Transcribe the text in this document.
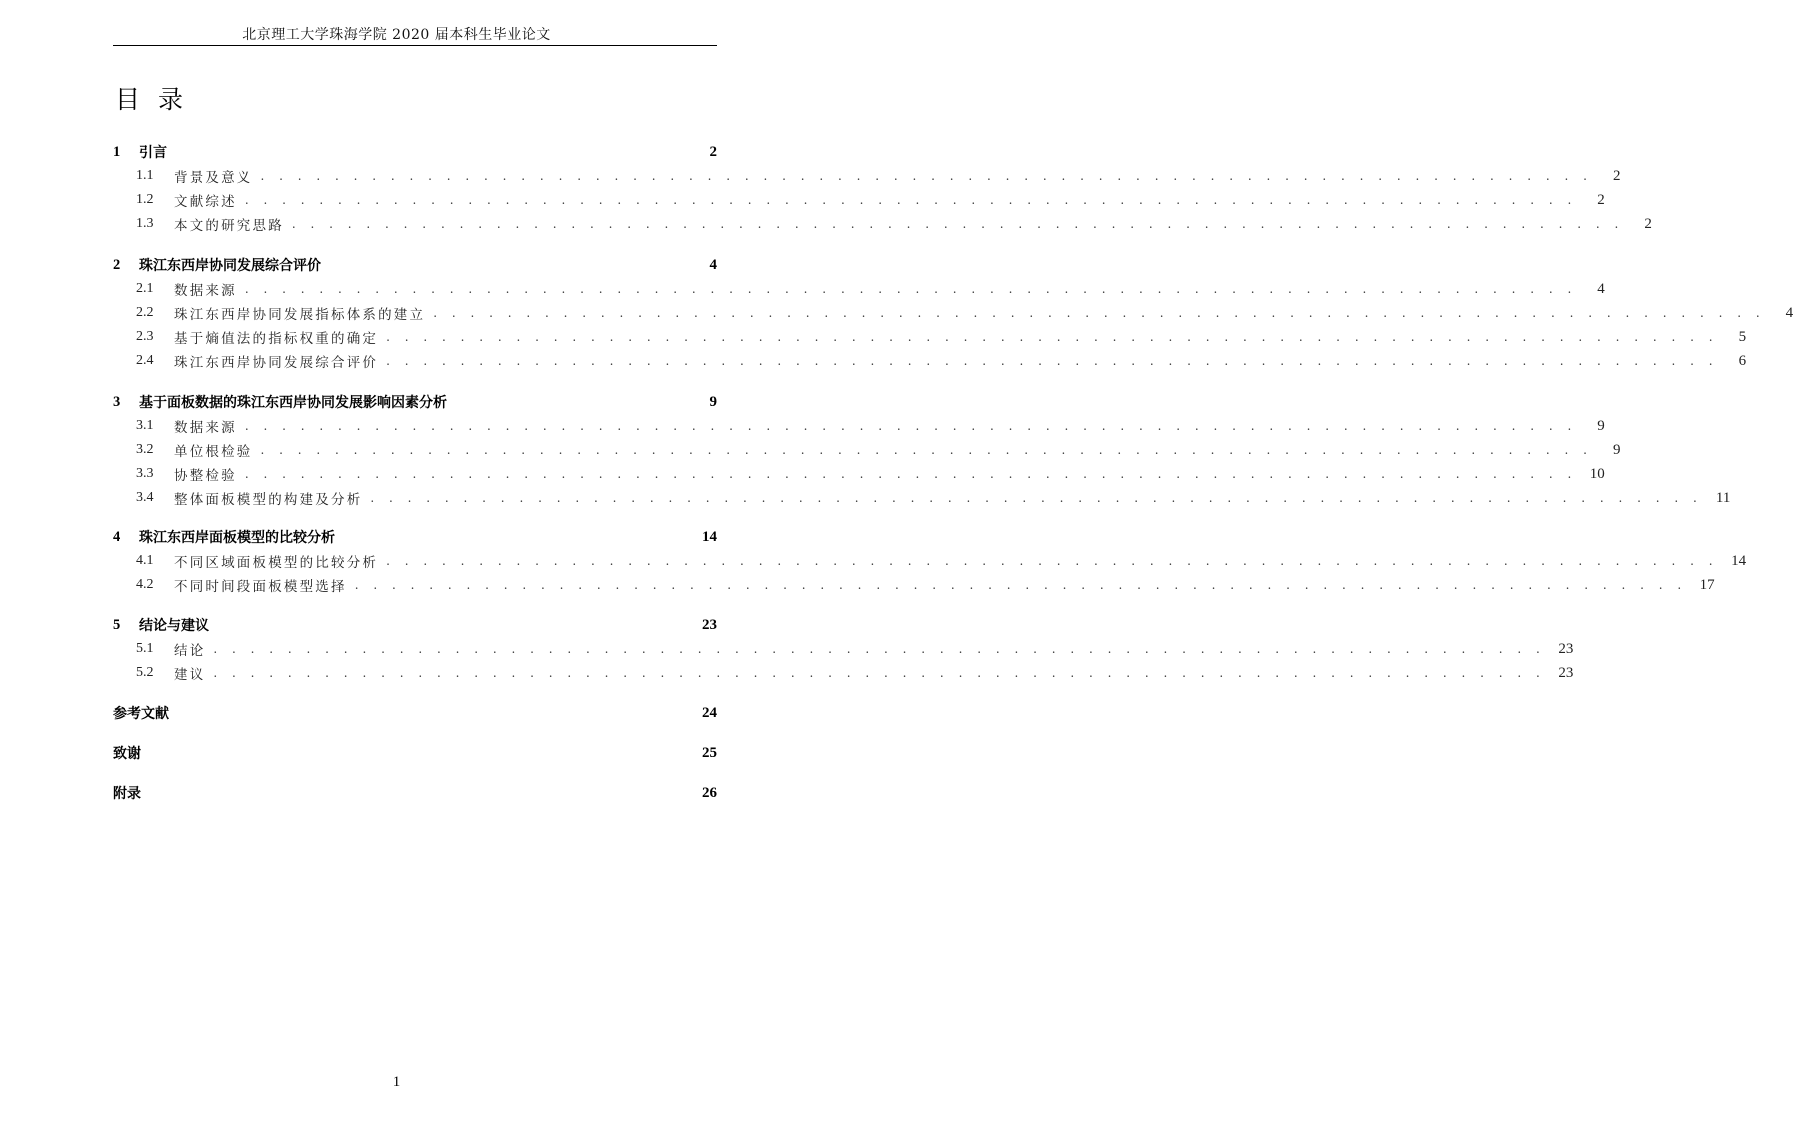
北京理工大学珠海学院 2020 届本科生毕业论文
目录
1	引言	2
1.1	背景及意义 . . . . . . . . . . . . . . . . . . . . . . . . . . . . . . . . . . . . . . . . . . . . . . . . . . . . . . . . . . . . . . . . . . . . . . . .	2
1.2	文献综述 . . . . . . . . . . . . . . . . . . . . . . . . . . . . . . . . . . . . . . . . . . . . . . . . . . . . . . . . . . . . . . . . . . . . . . . .	2
1.3	本文的研究思路 . . . . . . . . . . . . . . . . . . . . . . . . . . . . . . . . . . . . . . . . . . . . . . . . . . . . . . . . . . . . . . . . . . . . . . . .	2
2	珠江东西岸协同发展综合评价	4
2.1	数据来源 . . . . . . . . . . . . . . . . . . . . . . . . . . . . . . . . . . . . . . . . . . . . . . . . . . . . . . . . . . . . . . . . . . . . . . . .	4
2.2	珠江东西岸协同发展指标体系的建立 . . . . . . . . . . . . . . . . . . . . . . . . . . . . . . . . . . . . . . . . . . . . . . . . . . . . . . . . . . . . . . . . . . . . . . . .	4
2.3	基于熵值法的指标权重的确定 . . . . . . . . . . . . . . . . . . . . . . . . . . . . . . . . . . . . . . . . . . . . . . . . . . . . . . . . . . . . . . . . . . . . . . . .	5
2.4	珠江东西岸协同发展综合评价 . . . . . . . . . . . . . . . . . . . . . . . . . . . . . . . . . . . . . . . . . . . . . . . . . . . . . . . . . . . . . . . . . . . . . . . .	6
3	基于面板数据的珠江东西岸协同发展影响因素分析	9
3.1	数据来源 . . . . . . . . . . . . . . . . . . . . . . . . . . . . . . . . . . . . . . . . . . . . . . . . . . . . . . . . . . . . . . . . . . . . . . . .	9
3.2	单位根检验 . . . . . . . . . . . . . . . . . . . . . . . . . . . . . . . . . . . . . . . . . . . . . . . . . . . . . . . . . . . . . . . . . . . . . . . .	9
3.3	协整检验 . . . . . . . . . . . . . . . . . . . . . . . . . . . . . . . . . . . . . . . . . . . . . . . . . . . . . . . . . . . . . . . . . . . . . . . . 10
3.4	整体面板模型的构建及分析 . . . . . . . . . . . . . . . . . . . . . . . . . . . . . . . . . . . . . . . . . . . . . . . . . . . . . . . . . . . . . . . . . . . . . . . . 11
4	珠江东西岸面板模型的比较分析	14
4.1	不同区域面板模型的比较分析 . . . . . . . . . . . . . . . . . . . . . . . . . . . . . . . . . . . . . . . . . . . . . . . . . . . . . . . . . . . . . . . . . . . . . . . . 14
4.2	不同时间段面板模型选择 . . . . . . . . . . . . . . . . . . . . . . . . . . . . . . . . . . . . . . . . . . . . . . . . . . . . . . . . . . . . . . . . . . . . . . . . 17
5	结论与建议	23
5.1	结论 . . . . . . . . . . . . . . . . . . . . . . . . . . . . . . . . . . . . . . . . . . . . . . . . . . . . . . . . . . . . . . . . . . . . . . . . 23
5.2	建议 . . . . . . . . . . . . . . . . . . . . . . . . . . . . . . . . . . . . . . . . . . . . . . . . . . . . . . . . . . . . . . . . . . . . . . . . 23
参考文献	24
致谢	25
附录	26
1
